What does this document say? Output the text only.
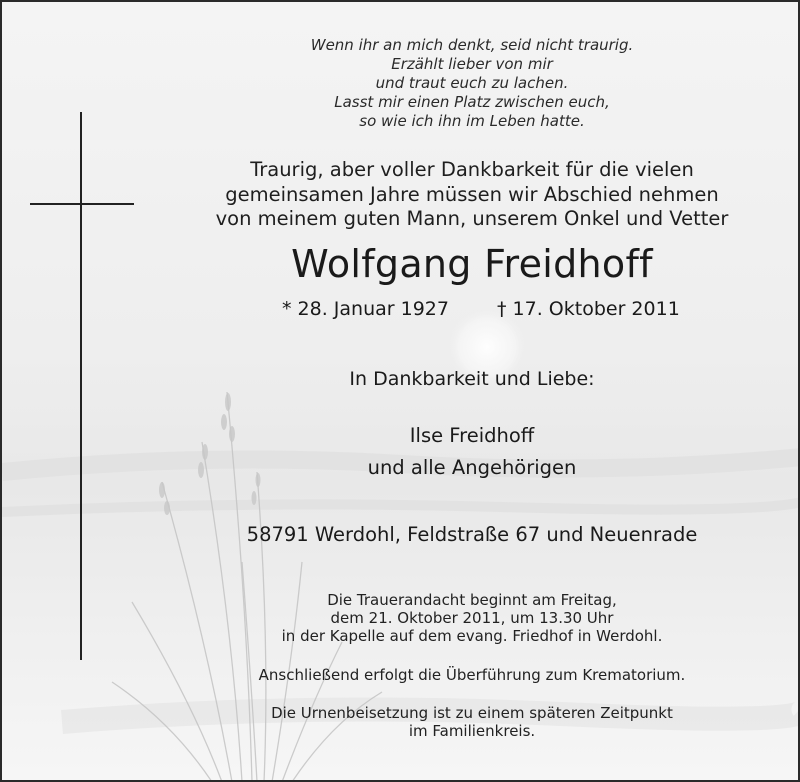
Wenn ihr an mich denkt, seid nicht traurig.
Erzählt lieber von mir
und traut euch zu lachen.
Lasst mir einen Platz zwischen euch,
so wie ich ihn im Leben hatte.
Traurig, aber voller Dankbarkeit für die vielen
gemeinsamen Jahre müssen wir Abschied nehmen
von meinem guten Mann, unserem Onkel und Vetter
Wolfgang Freidhoff
* 28. Januar 1927	† 17. Oktober 2011
In Dankbarkeit und Liebe:
Ilse Freidhoff
und alle Angehörigen
58791 Werdohl, Feldstraße 67 und Neuenrade
Die Trauerandacht beginnt am Freitag,
dem 21. Oktober 2011, um 13.30 Uhr
in der Kapelle auf dem evang. Friedhof in Werdohl.
Anschließend erfolgt die Überführung zum Krematorium.
Die Urnenbeisetzung ist zu einem späteren Zeitpunkt
im Familienkreis.
